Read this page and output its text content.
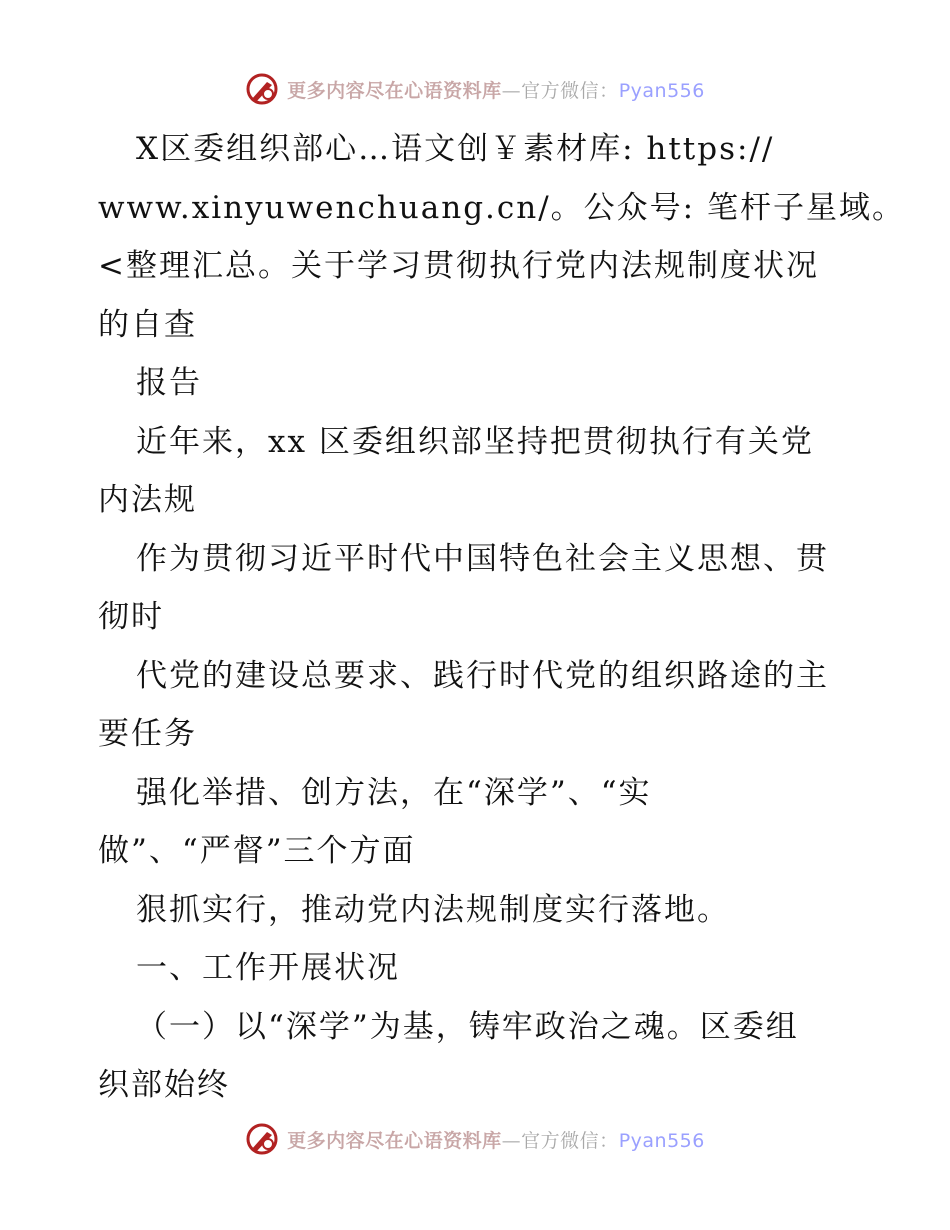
更多内容尽在心语资料库—官方微信：Pyan556
X区委组织部心…语文创￥素材库: https://
www.xinyuwenchuang.cn/。公众号: 笔杆子星域。
<整理汇总。关于学习贯彻执行党内法规制度状况
的自查
报告
近年来，xx 区委组织部坚持把贯彻执行有关党
内法规
作为贯彻习近平时代中国特色社会主义思想、贯
彻时
代党的建设总要求、践行时代党的组织路途的主
要任务
强化举措、创方法，在“深学”、“实
做”、“严督”三个方面
狠抓实行，推动党内法规制度实行落地。
一、工作开展状况
（一）以“深学”为基，铸牢政治之魂。区委组
织部始终
更多内容尽在心语资料库—官方微信：Pyan556
